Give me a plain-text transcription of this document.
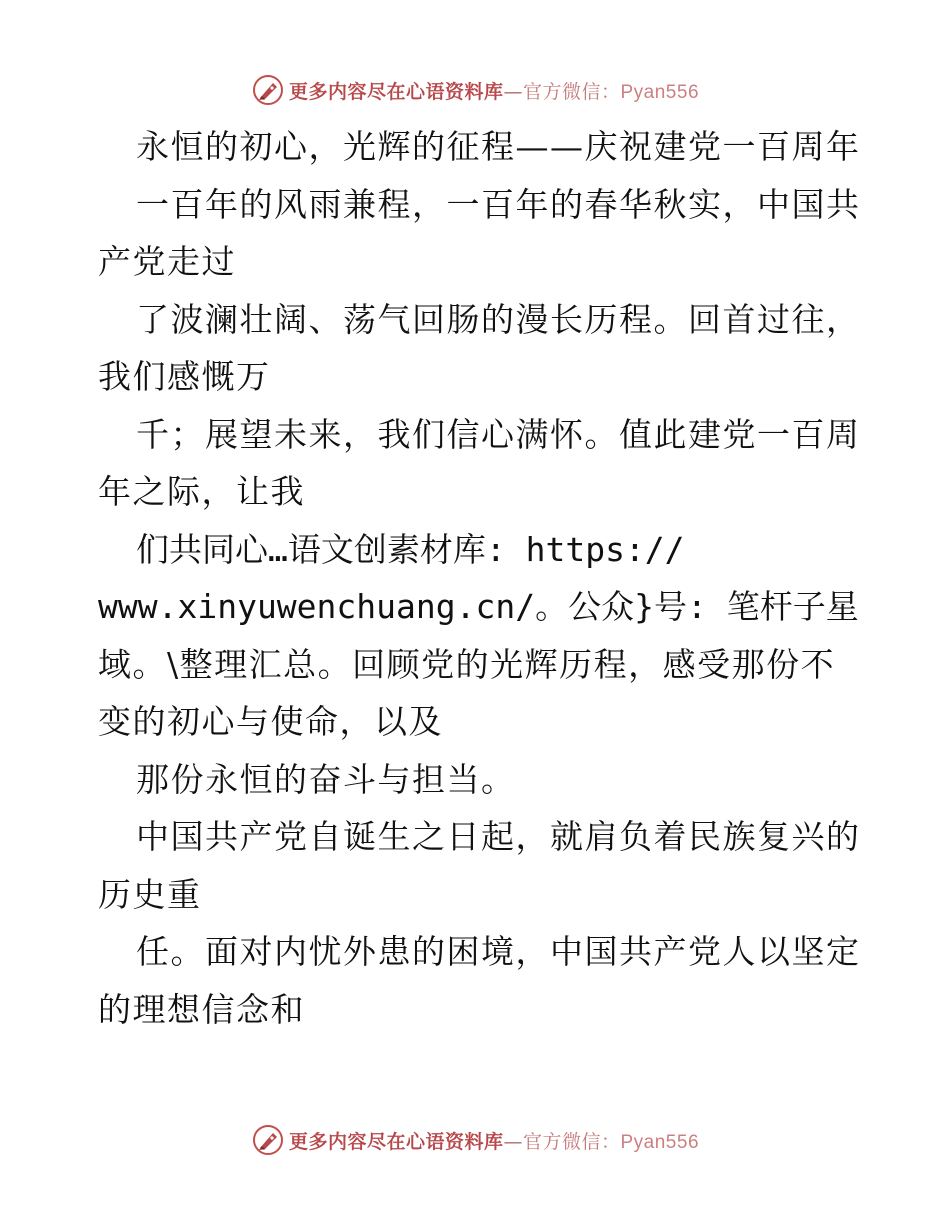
更多内容尽在心语资料库—官方微信：Pyan556
永恒的初心，光辉的征程——庆祝建党一百周年
一百年的风雨兼程，一百年的春华秋实，中国共
产党走过
了波澜壮阔、荡气回肠的漫长历程。回首过往，
我们感慨万
千；展望未来，我们信心满怀。值此建党一百周
年之际，让我
们共同心…语文创素材库: https://
www.xinyuwenchuang.cn/。公众}号: 笔杆子星
域。\整理汇总。回顾党的光辉历程，感受那份不
变的初心与使命，以及
那份永恒的奋斗与担当。
中国共产党自诞生之日起，就肩负着民族复兴的
历史重
任。面对内忧外患的困境，中国共产党人以坚定
的理想信念和
更多内容尽在心语资料库—官方微信：Pyan556
